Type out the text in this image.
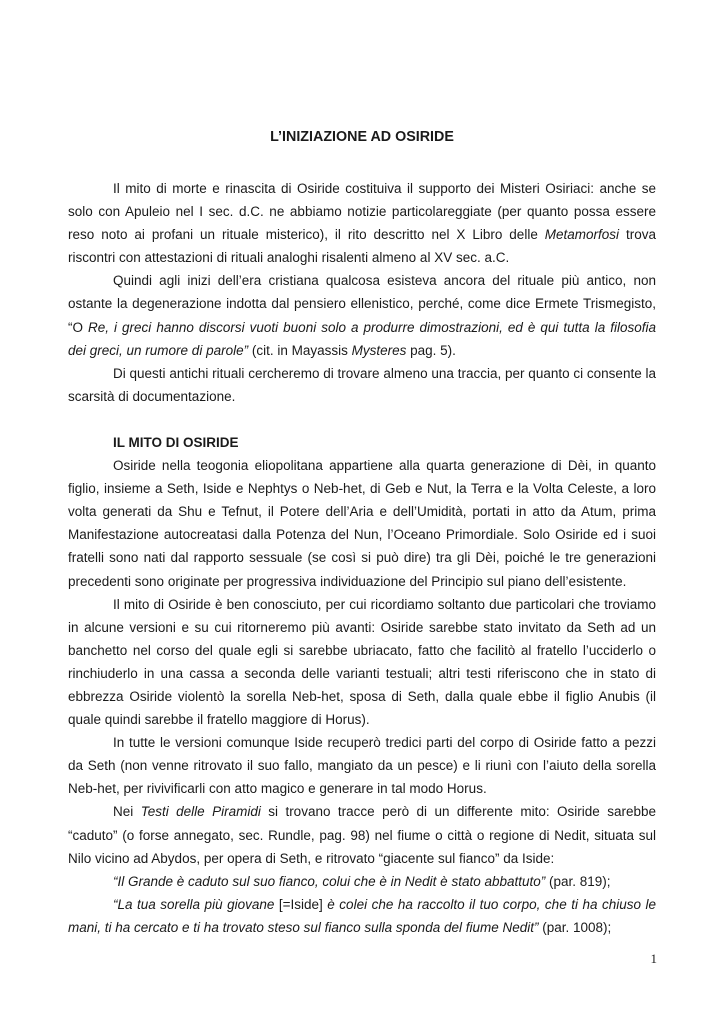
L’INIZIAZIONE AD OSIRIDE

Il mito di morte e rinascita di Osiride costituiva il supporto dei Misteri Osiriaci: anche se solo con Apuleio nel I sec. d.C. ne abbiamo notizie particolareggiate (per quanto possa essere reso noto ai profani un rituale misterico), il rito descritto nel X Libro delle Metamorfosi trova riscontri con attestazioni di rituali analoghi risalenti almeno al XV sec. a.C.

Quindi agli inizi dell’era cristiana qualcosa esisteva ancora del rituale più antico, non ostante la degenerazione indotta dal pensiero ellenistico, perché, come dice Ermete Trismegisto, “O Re, i greci hanno discorsi vuoti buoni solo a produrre dimostrazioni, ed è qui tutta la filosofia dei greci, un rumore di parole” (cit. in Mayassis Mysteres pag. 5).

Di questi antichi rituali cercheremo di trovare almeno una traccia, per quanto ci consente la scarsità di documentazione.

IL MITO DI OSIRIDE

Osiride nella teogonia eliopolitana appartiene alla quarta generazione di Dèi, in quanto figlio, insieme a Seth, Iside e Nephtys o Neb-het, di Geb e Nut, la Terra e la Volta Celeste, a loro volta generati da Shu e Tefnut, il Potere dell’Aria e dell’Umidità, portati in atto da Atum, prima Manifestazione autocreatasi dalla Potenza del Nun, l’Oceano Primordiale. Solo Osiride ed i suoi fratelli sono nati dal rapporto sessuale (se così si può dire) tra gli Dèi, poiché le tre generazioni precedenti sono originate per progressiva individuazione del Principio sul piano dell’esistente.

Il mito di Osiride è ben conosciuto, per cui ricordiamo soltanto due particolari che troviamo in alcune versioni e su cui ritorneremo più avanti: Osiride sarebbe stato invitato da Seth ad un banchetto nel corso del quale egli si sarebbe ubriacato, fatto che facilitò al fratello l’ucciderlo o rinchiuderlo in una cassa a seconda delle varianti testuali; altri testi riferiscono che in stato di ebbrezza Osiride violentò la sorella Neb-het, sposa di Seth, dalla quale ebbe il figlio Anubis (il quale quindi sarebbe il fratello maggiore di Horus).

In tutte le versioni comunque Iside recuperò tredici parti del corpo di Osiride fatto a pezzi da Seth (non venne ritrovato il suo fallo, mangiato da un pesce) e li riunì con l’aiuto della sorella Neb-het, per rivivificarli con atto magico e generare in tal modo Horus.

Nei Testi delle Piramidi si trovano tracce però di un differente mito: Osiride sarebbe “caduto” (o forse annegato, sec. Rundle, pag. 98) nel fiume o città o regione di Nedit, situata sul Nilo vicino ad Abydos, per opera di Seth, e ritrovato “giacente sul fianco” da Iside:

“Il Grande è caduto sul suo fianco, colui che è in Nedit è stato abbattuto” (par. 819);

“La tua sorella più giovane [=Iside] è colei che ha raccolto il tuo corpo, che ti ha chiuso le mani, ti ha cercato e ti ha trovato steso sul fianco sulla sponda del fiume Nedit” (par. 1008);

1
